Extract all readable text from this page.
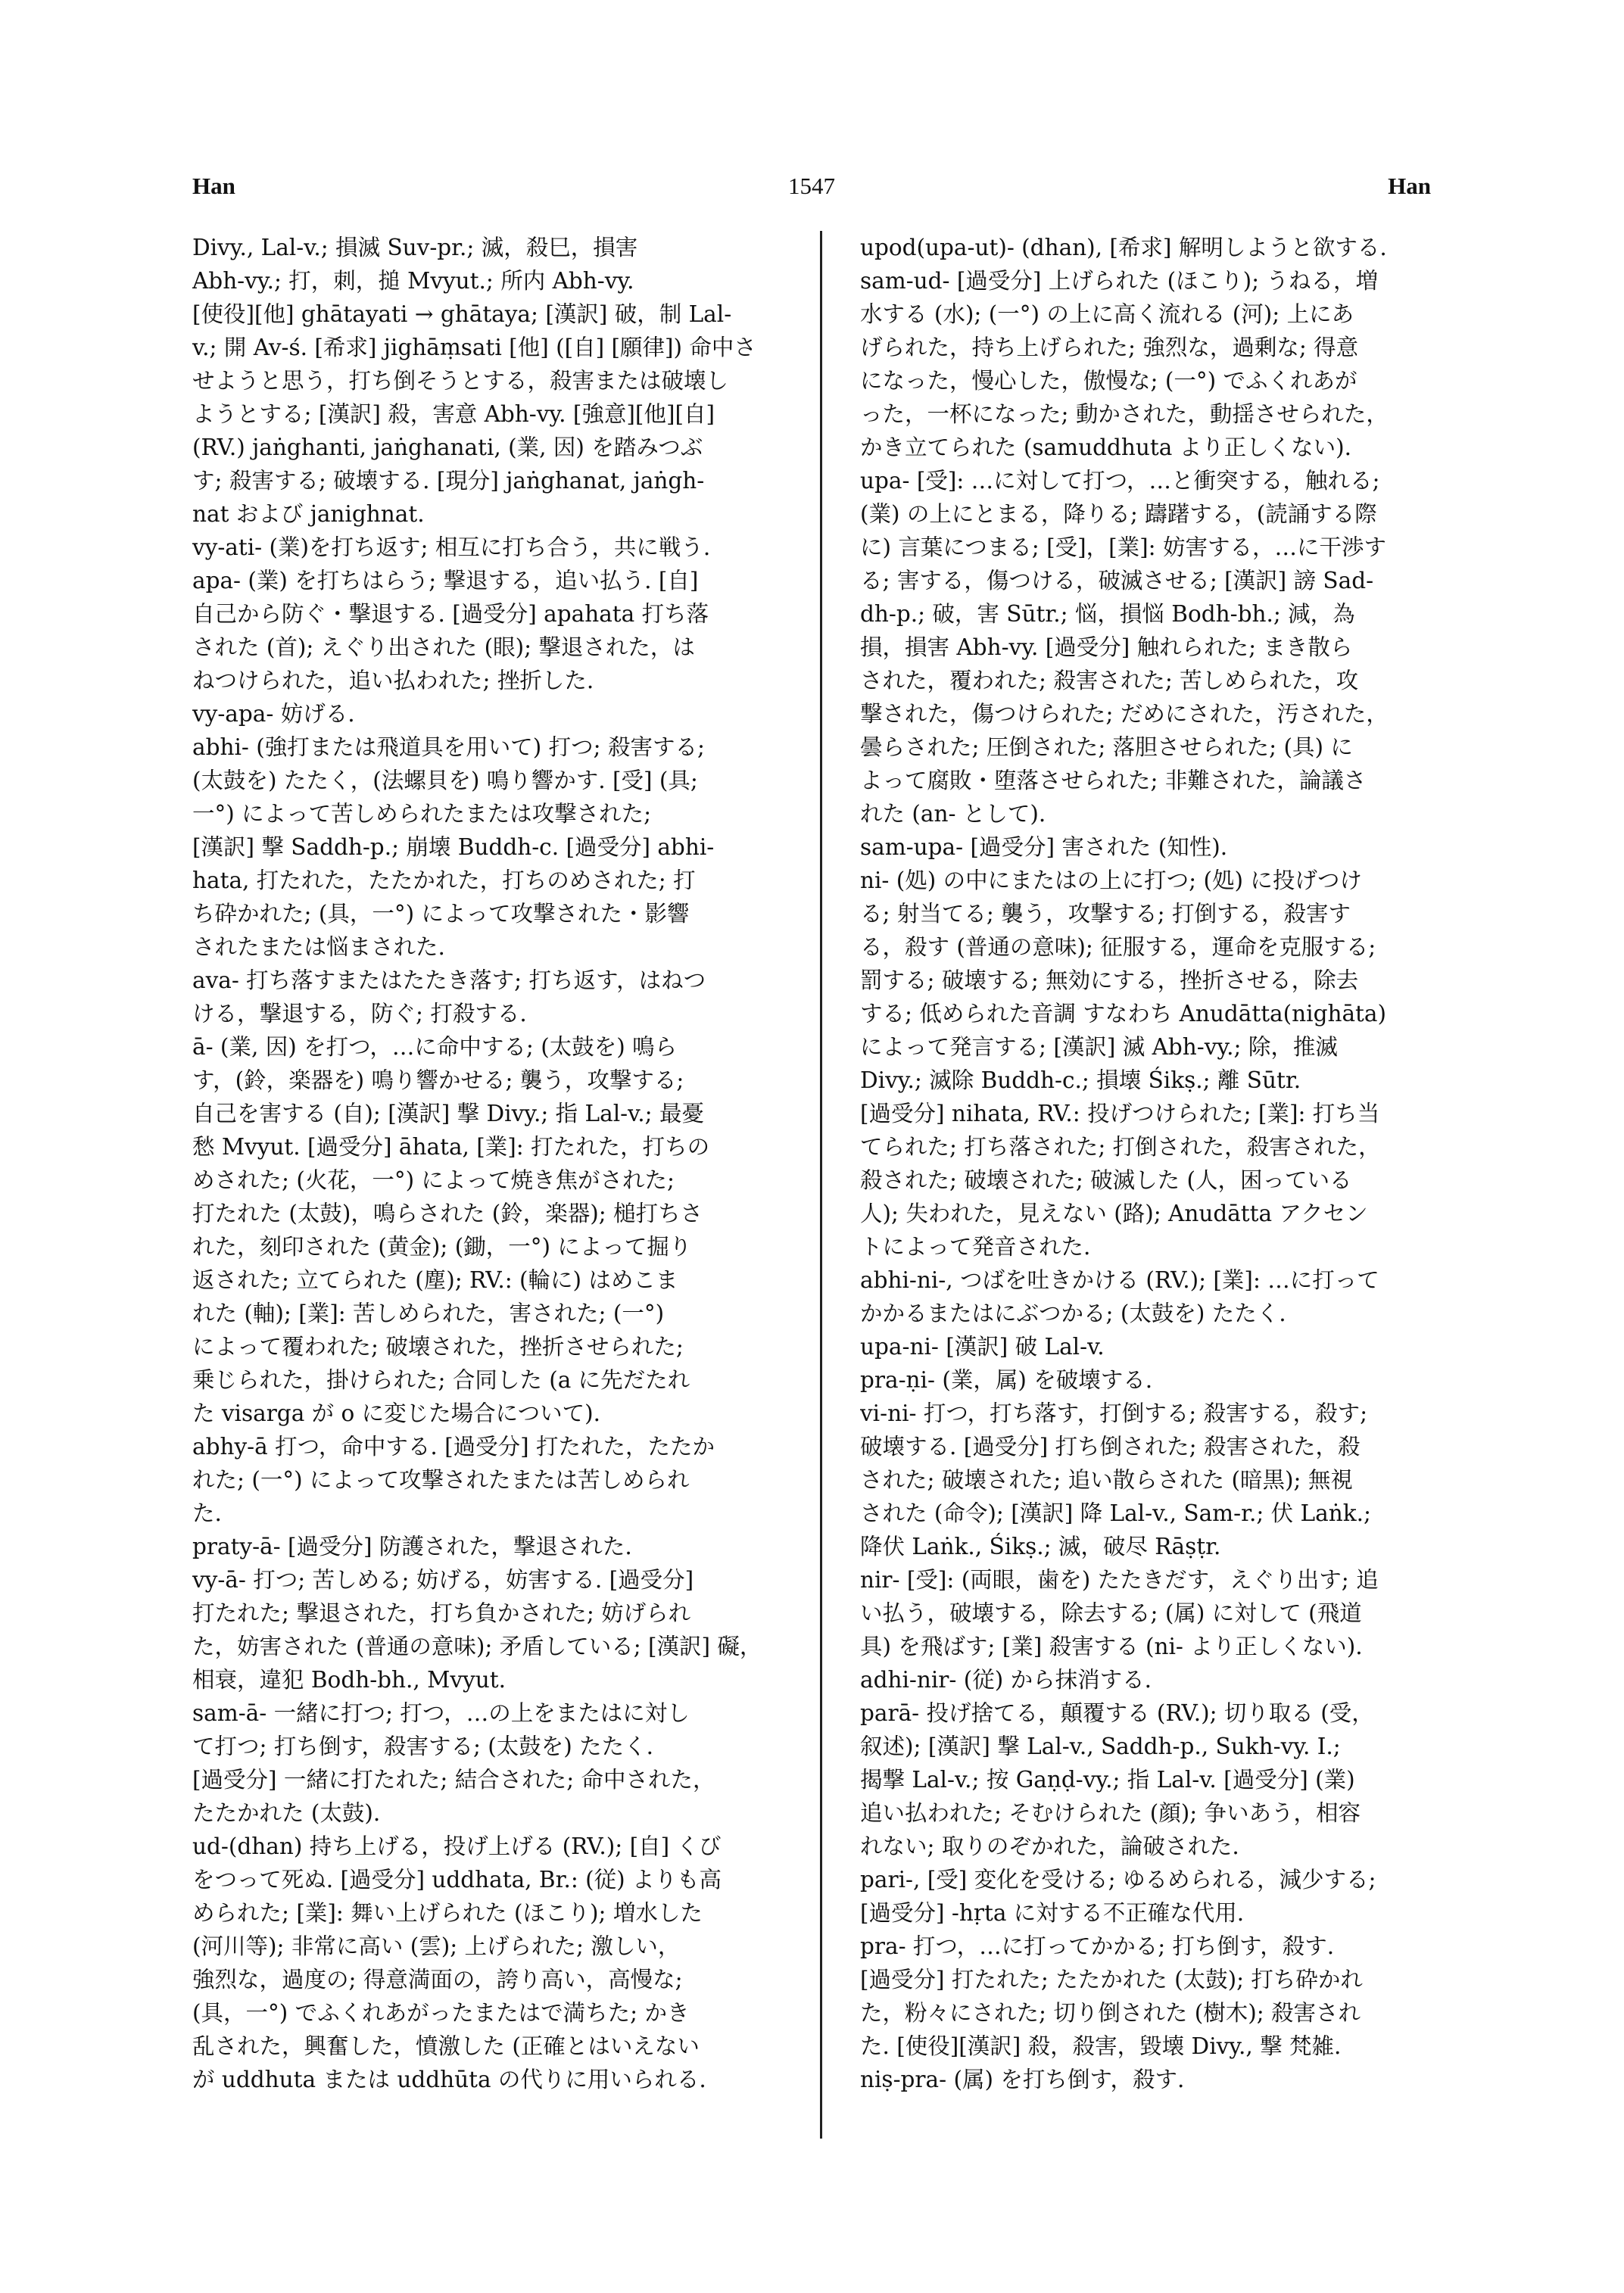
Han	1547	Han
Divy., Lal-v.; 損滅 Suv-pr.; 滅，殺巳，損害
Abh-vy.; 打，刺，搥 Mvyut.; 所内 Abh-vy.
[使役][他] ghātayati → ghātaya; [漢訳] 破，制 Lal-
v.; 開 Av-ś. [希求] jighāṃsati [他] ([自] [願律]) 命中さ
せようと思う，打ち倒そうとする，殺害または破壊し
ようとする; [漢訳] 殺，害意 Abh-vy. [強意][他][自]
(RV.) jaṅghanti, jaṅghanati, (業, 因) を踏みつぶ
す; 殺害する; 破壊する. [現分] jaṅghanat, jaṅgh-
nat および janighnat.
vy-ati- (業)を打ち返す; 相互に打ち合う，共に戦う.
apa- (業) を打ちはらう; 撃退する，追い払う. [自]
自己から防ぐ・撃退する. [過受分] apahata 打ち落
された (首); えぐり出された (眼); 撃退された，は
ねつけられた，追い払われた; 挫折した.
vy-apa- 妨げる.
abhi- (強打または飛道具を用いて) 打つ; 殺害する;
(太鼓を) たたく，(法螺貝を) 鳴り響かす. [受] (具;
一°) によって苦しめられたまたは攻撃された;
[漢訳] 撃 Saddh-p.; 崩壊 Buddh-c. [過受分] abhi-
hata, 打たれた，たたかれた，打ちのめされた; 打
ち砕かれた; (具，一°) によって攻撃された・影響
されたまたは悩まされた.
ava- 打ち落すまたはたたき落す; 打ち返す，はねつ
ける，撃退する，防ぐ; 打殺する.
ā- (業, 因) を打つ，…に命中する; (太鼓を) 鳴ら
す，(鈴，楽器を) 鳴り響かせる; 襲う，攻撃する;
自己を害する (自); [漢訳] 撃 Divy.; 指 Lal-v.; 最憂
愁 Mvyut. [過受分] āhata, [業]: 打たれた，打ちの
めされた; (火花，一°) によって焼き焦がされた;
打たれた (太鼓)，鳴らされた (鈴，楽器); 槌打ちさ
れた，刻印された (黄金); (鋤，一°) によって掘り
返された; 立てられた (塵); RV.: (輪に) はめこま
れた (軸); [業]: 苦しめられた，害された; (一°)
によって覆われた; 破壊された，挫折させられた;
乗じられた，掛けられた; 合同した (a に先だたれ
た visarga が o に変じた場合について).
abhy-ā 打つ，命中する. [過受分] 打たれた，たたか
れた; (一°) によって攻撃されたまたは苦しめられ
た.
praty-ā- [過受分] 防護された，撃退された.
vy-ā- 打つ; 苦しめる; 妨げる，妨害する. [過受分]
打たれた; 撃退された，打ち負かされた; 妨げられ
た，妨害された (普通の意味); 矛盾している; [漢訳] 礙，
相衰，違犯 Bodh-bh., Mvyut.
sam-ā- 一緒に打つ; 打つ，…の上をまたはに対し
て打つ; 打ち倒す，殺害する; (太鼓を) たたく.
[過受分] 一緒に打たれた; 結合された; 命中された，
たたかれた (太鼓).
ud-(dhan) 持ち上げる，投げ上げる (RV.); [自] くび
をつって死ぬ. [過受分] uddhata, Br.: (従) よりも高
められた; [業]: 舞い上げられた (ほこり); 増水した
(河川等); 非常に高い (雲); 上げられた; 激しい，
強烈な，過度の; 得意満面の，誇り高い，高慢な;
(具，一°) でふくれあがったまたはで満ちた; かき
乱された，興奮した，憤激した (正確とはいえない
が uddhuta または uddhūta の代りに用いられる.
upod(upa-ut)- (dhan), [希求] 解明しようと欲する.
sam-ud- [過受分] 上げられた (ほこり); うねる，増
水する (水); (一°) の上に高く流れる (河); 上にあ
げられた，持ち上げられた; 強烈な，過剰な; 得意
になった，慢心した，傲慢な; (一°) でふくれあが
った，一杯になった; 動かされた，動揺させられた，
かき立てられた (samuddhuta より正しくない).
upa- [受]: …に対して打つ，…と衝突する，触れる;
(業) の上にとまる，降りる; 躊躇する，(読誦する際
に) 言葉につまる; [受]，[業]: 妨害する，…に干渉す
る; 害する，傷つける，破滅させる; [漢訳] 謗 Sad-
dh-p.; 破，害 Sūtr.; 悩，損悩 Bodh-bh.; 減，為
損，損害 Abh-vy. [過受分] 触れられた; まき散ら
された，覆われた; 殺害された; 苦しめられた，攻
撃された，傷つけられた; だめにされた，汚された，
曇らされた; 圧倒された; 落胆させられた; (具) に
よって腐敗・堕落させられた; 非難された，論議さ
れた (an- として).
sam-upa- [過受分] 害された (知性).
ni- (処) の中にまたはの上に打つ; (処) に投げつけ
る; 射当てる; 襲う，攻撃する; 打倒する，殺害す
る，殺す (普通の意味); 征服する，運命を克服する;
罰する; 破壊する; 無効にする，挫折させる，除去
する; 低められた音調 すなわち Anudātta(nighāta)
によって発言する; [漢訳] 滅 Abh-vy.; 除，推滅
Divy.; 滅除 Buddh-c.; 損壊 Śikṣ.; 離 Sūtr.
[過受分] nihata, RV.: 投げつけられた; [業]: 打ち当
てられた; 打ち落された; 打倒された，殺害された，
殺された; 破壊された; 破滅した (人，困っている
人); 失われた，見えない (路); Anudātta アクセン
トによって発音された.
abhi-ni-, つばを吐きかける (RV.); [業]: …に打って
かかるまたはにぶつかる; (太鼓を) たたく.
upa-ni- [漢訳] 破 Lal-v.
pra-ṇi- (業，属) を破壊する.
vi-ni- 打つ，打ち落す，打倒する; 殺害する，殺す;
破壊する. [過受分] 打ち倒された; 殺害された，殺
された; 破壊された; 追い散らされた (暗黒); 無視
された (命令); [漢訳] 降 Lal-v., Sam-r.; 伏 Laṅk.;
降伏 Laṅk., Śikṣ.; 滅，破尽 Rāṣṭr.
nir- [受]: (両眼，歯を) たたきだす，えぐり出す; 追
い払う，破壊する，除去する; (属) に対して (飛道
具) を飛ばす; [業] 殺害する (ni- より正しくない).
adhi-nir- (従) から抹消する.
parā- 投げ捨てる，顛覆する (RV.); 切り取る (受，
叙述); [漢訳] 撃 Lal-v., Saddh-p., Sukh-vy. I.;
揭撃 Lal-v.; 按 Gaṇḍ-vy.; 指 Lal-v. [過受分] (業)
追い払われた; そむけられた (顔); 争いあう，相容
れない; 取りのぞかれた，論破された.
pari-, [受] 変化を受ける; ゆるめられる，減少する;
[過受分] -hṛta に対する不正確な代用.
pra- 打つ，…に打ってかかる; 打ち倒す，殺す.
[過受分] 打たれた; たたかれた (太鼓); 打ち砕かれ
た，粉々にされた; 切り倒された (樹木); 殺害され
た. [使役][漢訳] 殺，殺害，毀壊 Divy., 撃 梵雑.
niṣ-pra- (属) を打ち倒す，殺す.
